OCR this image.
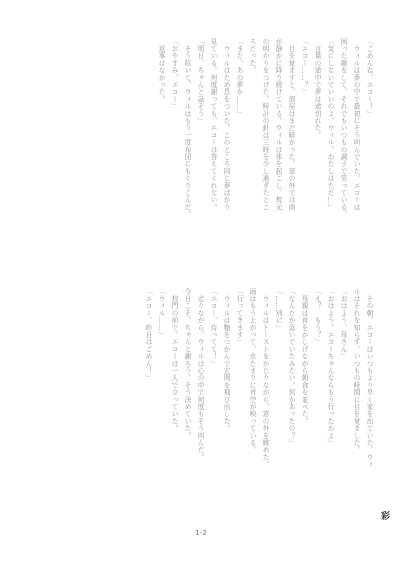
「ごめんね、エコー！」
　ウィルは夢の中で最初にそう叫んでいた。エコーは
困った顔をして、それでもいつもの調子で笑っている。
「気にしないでいいのよ、ウィル。わたしはただ…」
　言葉の途中で夢は途切れた。
「エコー……？」
　目を覚ますと、部屋はまだ暗かった。窓の外では雨
が静かに降り続けている。ウィルは体を起こし、枕元
の明かりをつけた。時計の針は三時を少し過ぎたとこ
ろだった。
「また、あの夢か……」
　ウィルはため息をついた。このところ同じ夢ばかり
見ている。何度謝っても、エコーは答えてくれない。
「明日、ちゃんと話そう」
　そう呟いて、ウィルはもう一度布団にもぐりこんだ。
「おやすみ、エコー」
　返事はなかった。
　その朝、エコーはいつもより早く家を出ていた。ウィ
ルはそれを知らず、いつもの時間に目を覚ました。
「おはよう、母さん」
「おはよう。エコーちゃんならもう行ったわよ」
「え？　もう？」
　母親は首をかしげながら朝食を並べた。
「なんだか急いでいたみたい。何かあったの？」
「……別に」
　ウィルはトーストをかじりながら、窓の外を眺めた。
雨はもう上がって、水たまりに青空が映っている。
「行ってきます」
　ウィルは鞄をつかんで玄関を飛び出した。
「エコー、待ってて！」
　走りながら、ウィルは心の中で何度もそう叫んだ。
今日こそ、ちゃんと謝ろう。そう決めていた。
　校門の前で、エコーは一人で立っていた。
「ウィル……」
「エコー、昨日はごめん！」
1-2
彩
